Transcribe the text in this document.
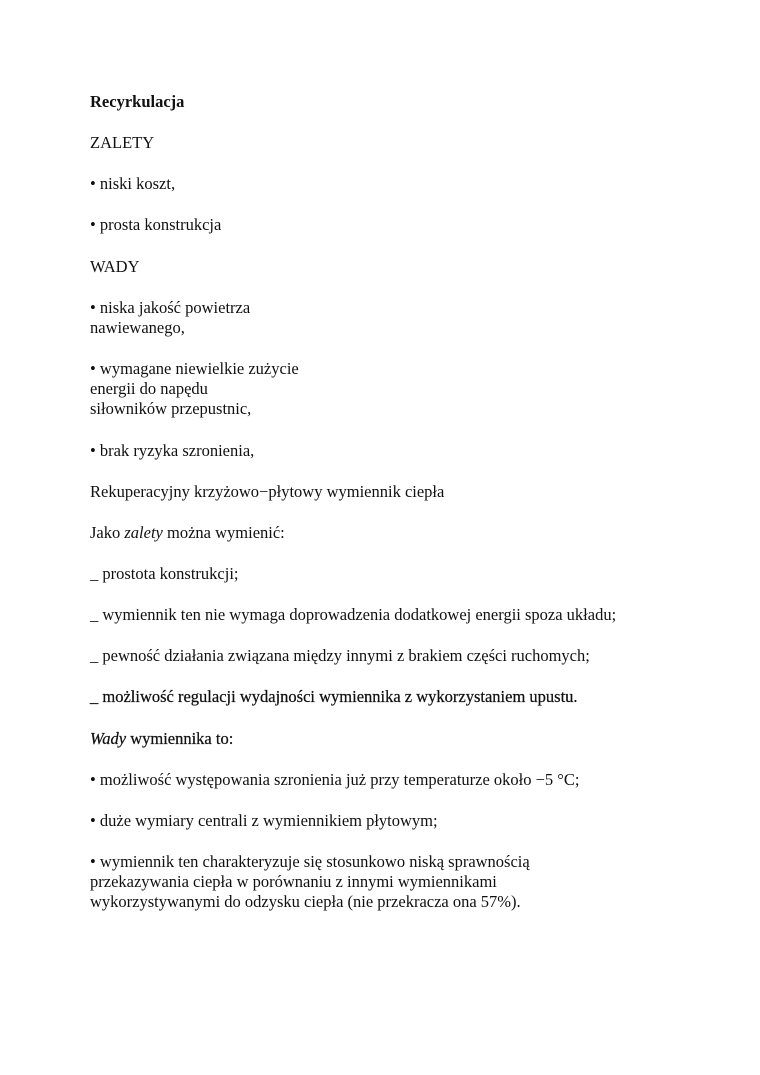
Recyrkulacja
ZALETY
• niski koszt,
• prosta konstrukcja
WADY
• niska jakość powietrza
nawiewanego,
• wymagane niewielkie zużycie
energii do napędu
siłowników przepustnic,
• brak ryzyka szronienia,
Rekuperacyjny krzyżowo−płytowy wymiennik ciepła
Jako zalety można wymienić:
_ prostota konstrukcji;
_ wymiennik ten nie wymaga doprowadzenia dodatkowej energii spoza układu;
_ pewność działania związana między innymi z brakiem części ruchomych;
_ możliwość regulacji wydajności wymiennika z wykorzystaniem upustu.
Wady wymiennika to:
• możliwość występowania szronienia już przy temperaturze około −5 °C;
• duże wymiary centrali z wymiennikiem płytowym;
• wymiennik ten charakteryzuje się stosunkowo niską sprawnością
przekazywania ciepła w porównaniu z innymi wymiennikami
wykorzystywanymi do odzysku ciepła (nie przekracza ona 57%).
